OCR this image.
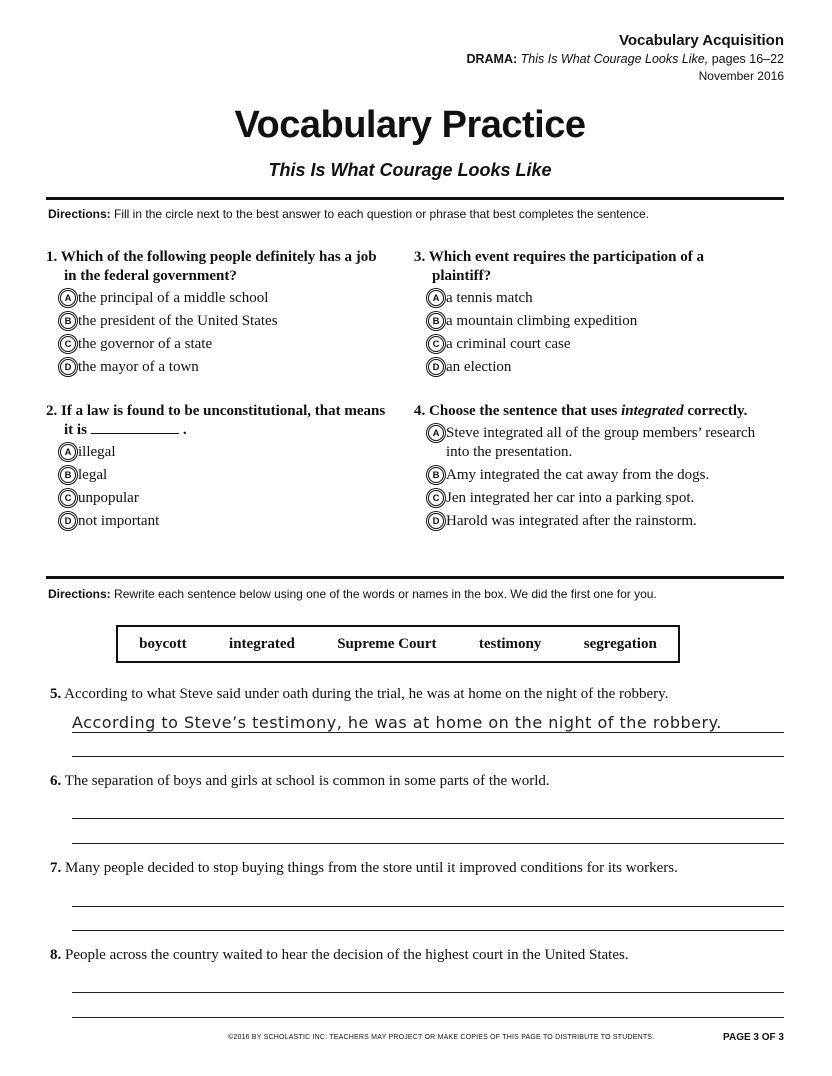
Vocabulary Acquisition
DRAMA: This Is What Courage Looks Like, pages 16–22
November 2016
Vocabulary Practice
This Is What Courage Looks Like
Directions: Fill in the circle next to the best answer to each question or phrase that best completes the sentence.
1. Which of the following people definitely has a job in the federal government?
A the principal of a middle school
B the president of the United States
C the governor of a state
D the mayor of a town
2. If a law is found to be unconstitutional, that means it is	.
A illegal
B legal
C unpopular
D not important
3. Which event requires the participation of a plaintiff?
A a tennis match
B a mountain climbing expedition
C a criminal court case
D an election
4. Choose the sentence that uses integrated correctly.
A Steve integrated all of the group members’ research into the presentation.
B Amy integrated the cat away from the dogs.
C Jen integrated her car into a parking spot.
D Harold was integrated after the rainstorm.
Directions: Rewrite each sentence below using one of the words or names in the box. We did the first one for you.
boycott	integrated	Supreme Court	testimony	segregation
5. According to what Steve said under oath during the trial, he was at home on the night of the robbery.
According to Steve’s testimony, he was at home on the night of the robbery.
6. The separation of boys and girls at school is common in some parts of the world.
7. Many people decided to stop buying things from the store until it improved conditions for its workers.
8. People across the country waited to hear the decision of the highest court in the United States.
©2016 BY SCHOLASTIC INC. TEACHERS MAY PROJECT OR MAKE COPIES OF THIS PAGE TO DISTRIBUTE TO STUDENTS.	PAGE 3 OF 3
